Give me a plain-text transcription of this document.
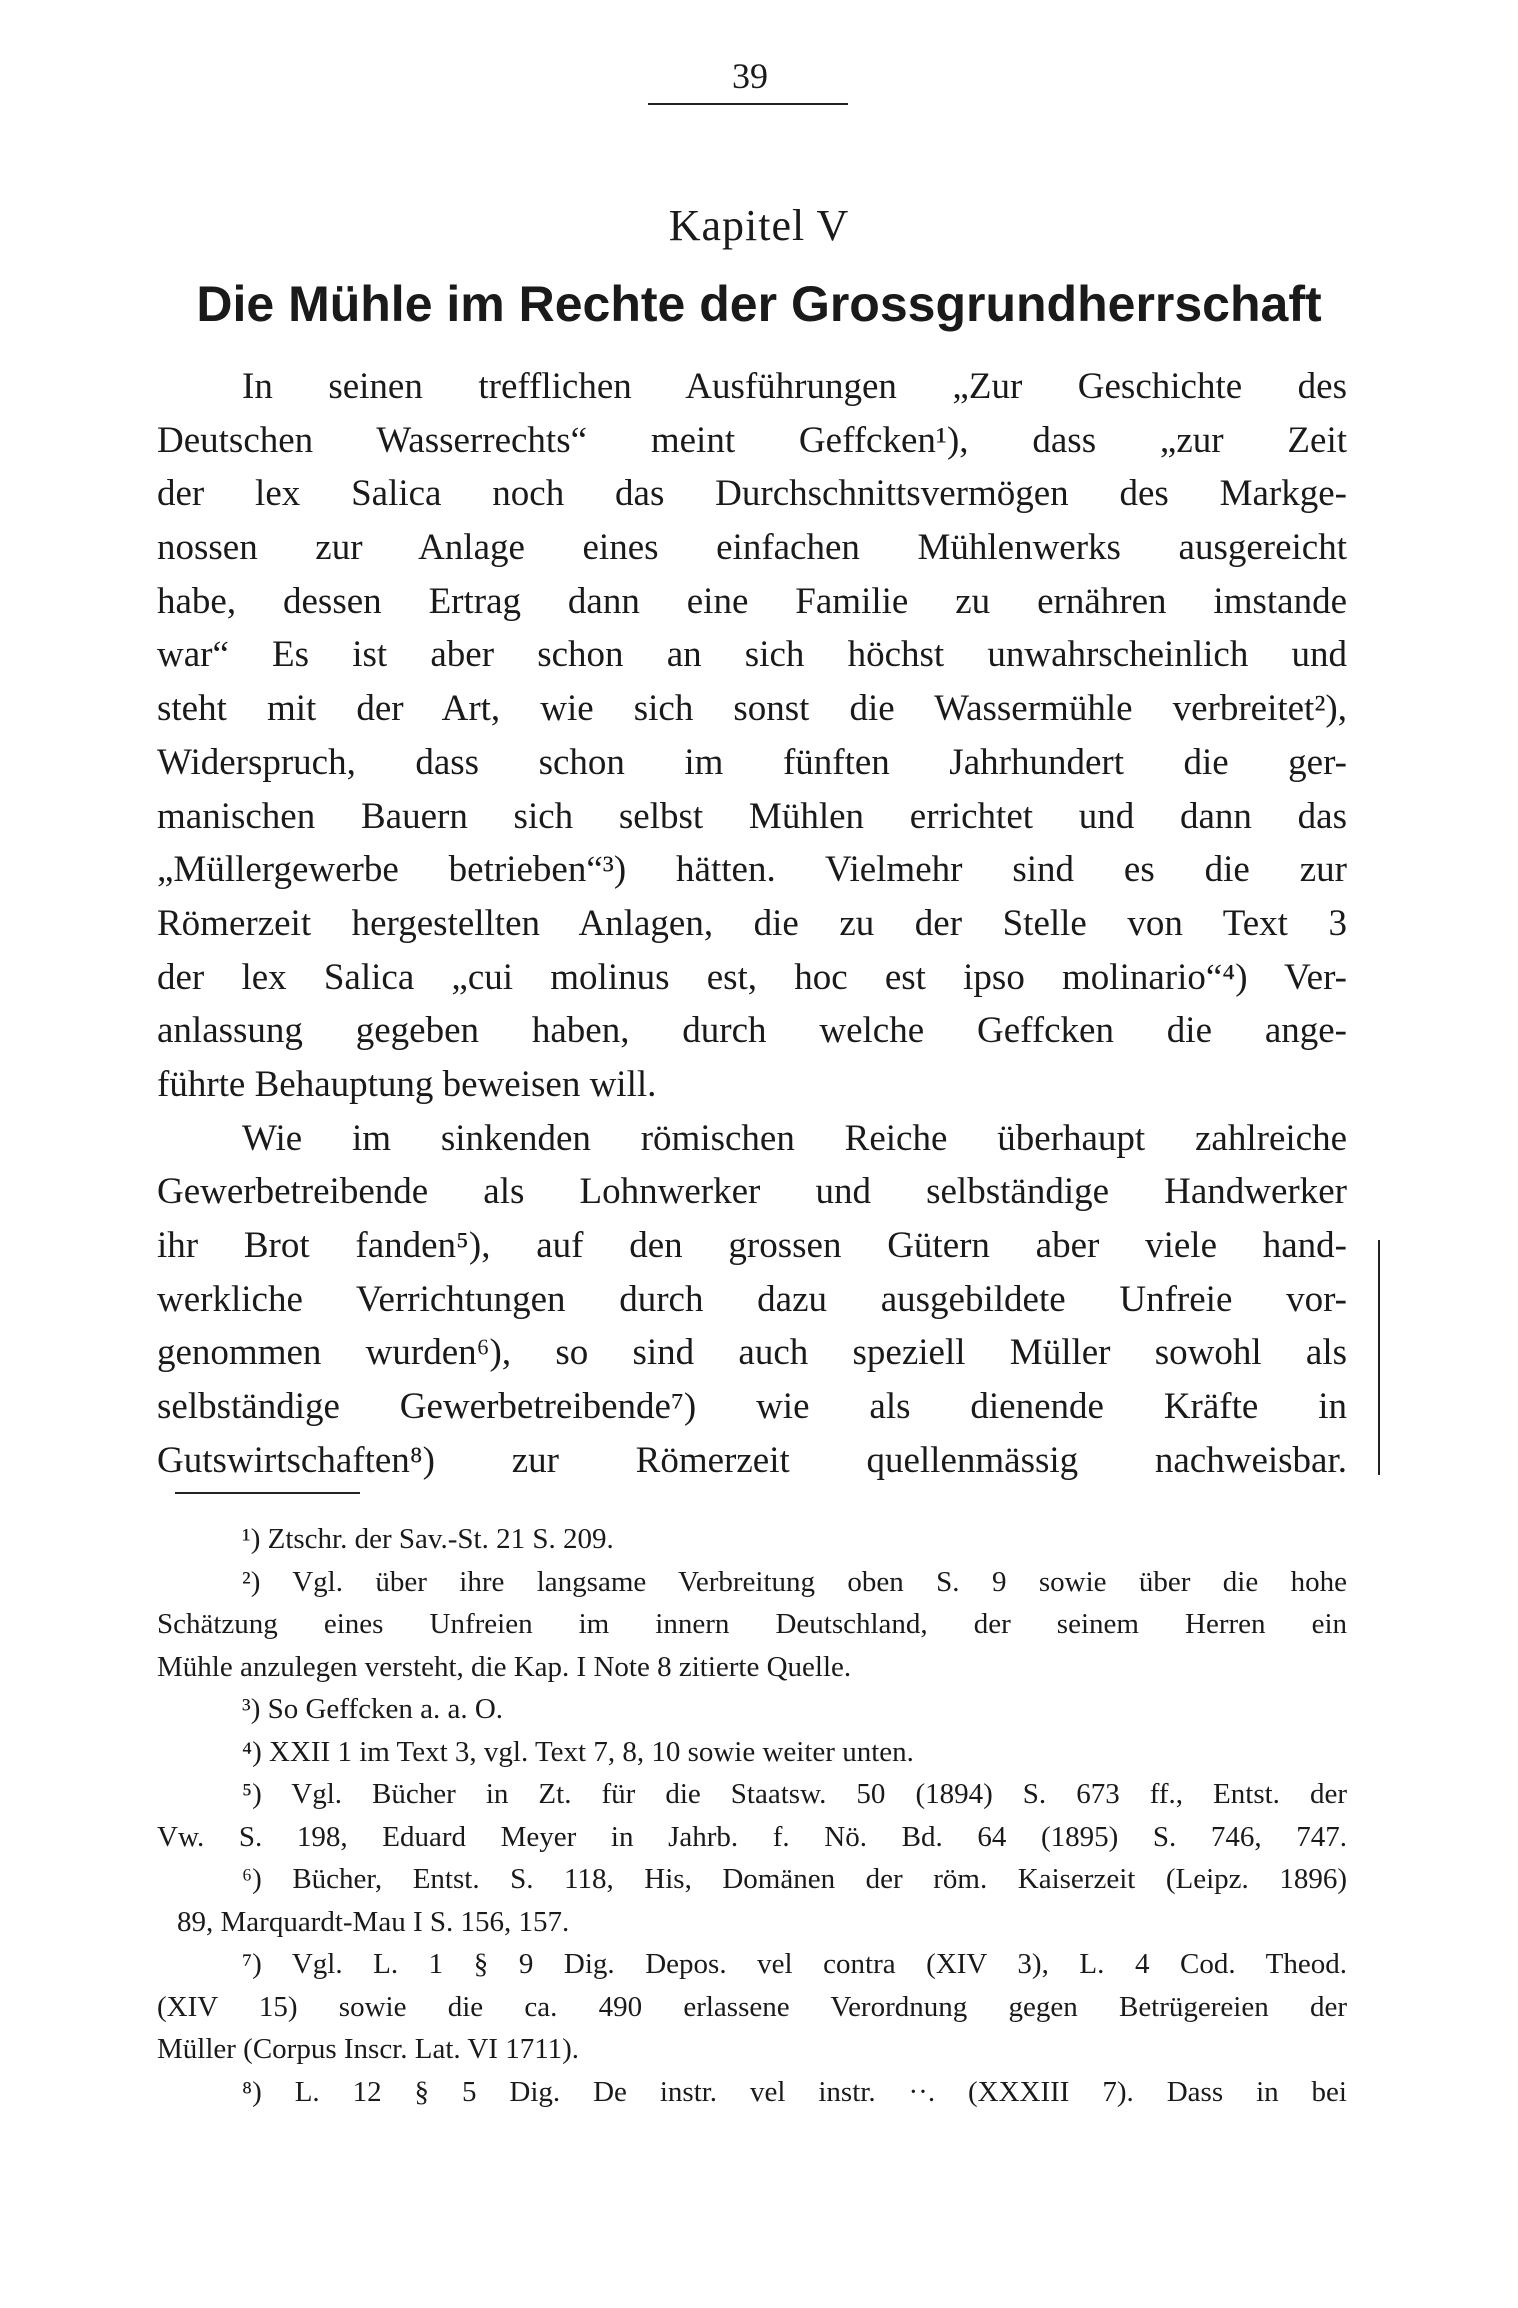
39
Kapitel V
Die Mühle im Rechte der Grossgrundherrschaft
In seinen trefflichen Ausführungen „Zur Geschichte des
Deutschen Wasserrechts“ meint Geffcken¹), dass „zur Zeit
der lex Salica noch das Durchschnittsvermögen des Markge-
nossen zur Anlage eines einfachen Mühlenwerks ausgereicht
habe, dessen Ertrag dann eine Familie zu ernähren imstande
war“ Es ist aber schon an sich höchst unwahrscheinlich und
steht mit der Art, wie sich sonst die Wassermühle verbreitet²),
Widerspruch, dass schon im fünften Jahrhundert die ger-
manischen Bauern sich selbst Mühlen errichtet und dann das
„Müllergewerbe betrieben“³) hätten. Vielmehr sind es die zur
Römerzeit hergestellten Anlagen, die zu der Stelle von Text 3
der lex Salica „cui molinus est, hoc est ipso molinario“⁴) Ver-
anlassung gegeben haben, durch welche Geffcken die ange-
führte Behauptung beweisen will.
Wie im sinkenden römischen Reiche überhaupt zahlreiche
Gewerbetreibende als Lohnwerker und selbständige Handwerker
ihr Brot fanden⁵), auf den grossen Gütern aber viele hand-
werkliche Verrichtungen durch dazu ausgebildete Unfreie vor-
genommen wurden⁶), so sind auch speziell Müller sowohl als
selbständige Gewerbetreibende⁷) wie als dienende Kräfte in
Gutswirtschaften⁸) zur Römerzeit quellenmässig nachweisbar.
¹) Ztschr. der Sav.-St. 21 S. 209.
²) Vgl. über ihre langsame Verbreitung oben S. 9 sowie über die hohe
Schätzung eines Unfreien im innern Deutschland, der seinem Herren ein
Mühle anzulegen versteht, die Kap. I Note 8 zitierte Quelle.
³) So Geffcken a. a. O.
⁴) XXII 1 im Text 3, vgl. Text 7, 8, 10 sowie weiter unten.
⁵) Vgl. Bücher in Zt. für die Staatsw. 50 (1894) S. 673 ff., Entst. der
Vw. S. 198, Eduard Meyer in Jahrb. f. Nö. Bd. 64 (1895) S. 746, 747.
⁶) Bücher, Entst. S. 118, His, Domänen der röm. Kaiserzeit (Leipz. 1896)
89, Marquardt-Mau I S. 156, 157.
⁷) Vgl. L. 1 § 9 Dig. Depos. vel contra (XIV 3), L. 4 Cod. Theod.
(XIV 15) sowie die ca. 490 erlassene Verordnung gegen Betrügereien der
Müller (Corpus Inscr. Lat. VI 1711).
⁸) L. 12 § 5 Dig. De instr. vel instr. ··. (XXXIII 7). Dass in bei
